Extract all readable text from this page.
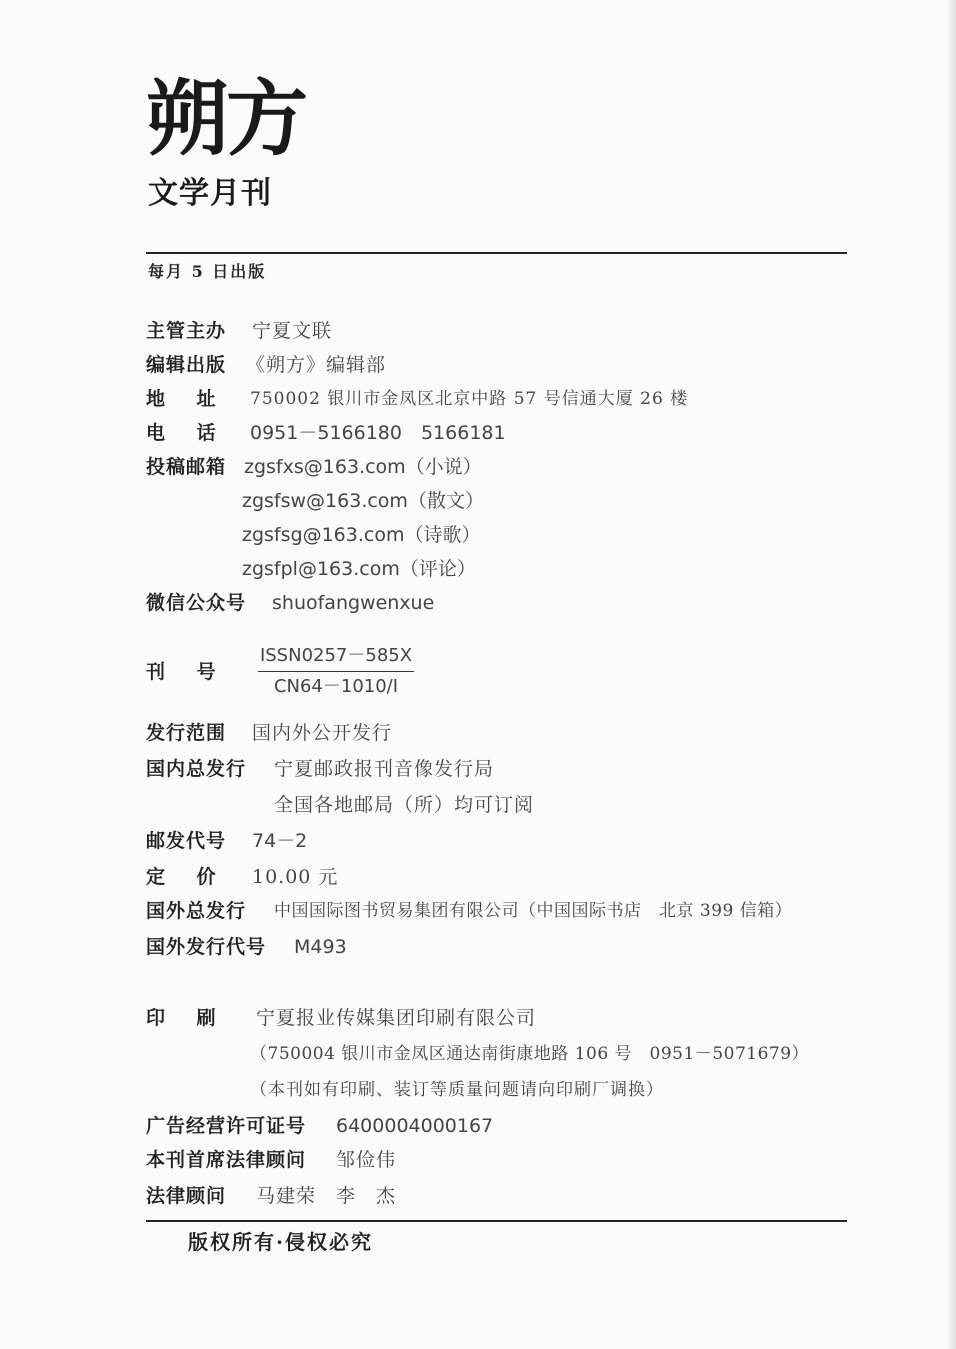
朔方
文学月刊
每月 5 日出版
主管主办 宁夏文联
编辑出版 《朔方》编辑部
地    址 750002 银川市金凤区北京中路 57 号信通大厦 26 楼
电    话 0951－5166180　5166181
投稿邮箱 zgsfxs@163.com（小说）
zgsfsw@163.com（散文）
zgsfsg@163.com（诗歌）
zgsfpl@163.com（评论）
微信公众号 shuofangwenxue
刊    号
ISSN0257－585X
CN64－1010/I
发行范围 国内外公开发行
国内总发行 宁夏邮政报刊音像发行局
全国各地邮局（所）均可订阅
邮发代号 74－2
定    价 10.00 元
国外总发行 中国国际图书贸易集团有限公司（中国国际书店　北京 399 信箱）
国外发行代号 M493
印    刷 宁夏报业传媒集团印刷有限公司
（750004 银川市金凤区通达南街康地路 106 号　0951－5071679）
（本刊如有印刷、装订等质量问题请向印刷厂调换）
广告经营许可证号 6400004000167
本刊首席法律顾问 邹俭伟
法律顾问 马建荣　李　杰
版权所有·侵权必究
